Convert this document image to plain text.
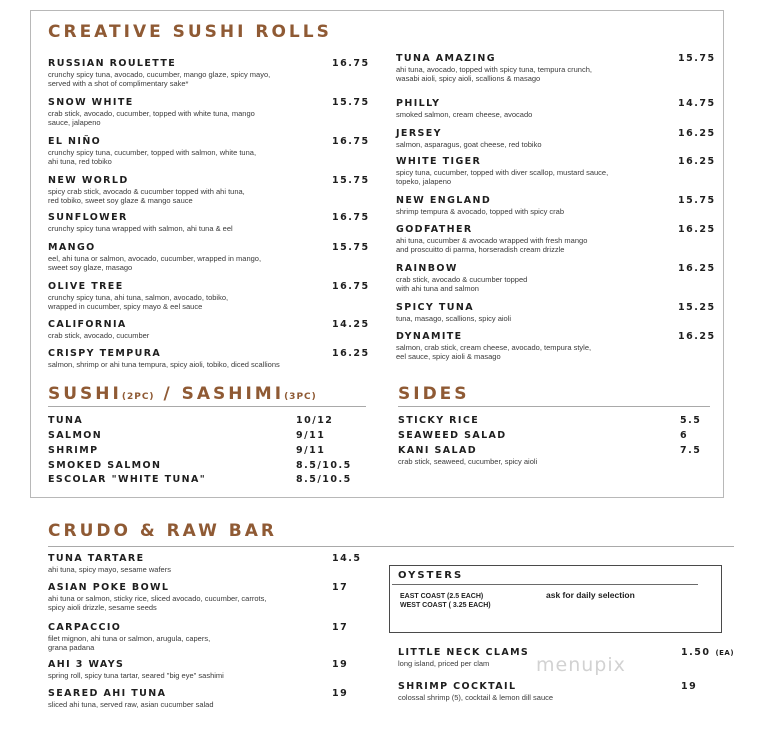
CREATIVE SUSHI ROLLS
SUSHI(2PC) / SASHIMI(3PC)	SIDES
CRUDO & RAW BAR
RUSSIAN ROULETTE	16.75
crunchy spicy tuna, avocado, cucumber, mango glaze, spicy mayo,
served with a shot of complimentary sake*
SNOW WHITE	15.75
crab stick, avocado, cucumber, topped with white tuna, mango
sauce, jalapeno
EL NIÑO	16.75
crunchy spicy tuna, cucumber, topped with salmon, white tuna,
ahi tuna, red tobiko
NEW WORLD	15.75
spicy crab stick, avocado & cucumber topped with ahi tuna,
red tobiko, sweet soy glaze & mango sauce
SUNFLOWER	16.75
crunchy spicy tuna wrapped with salmon, ahi tuna & eel
MANGO	15.75
eel, ahi tuna or salmon, avocado, cucumber, wrapped in mango,
sweet soy glaze, masago
OLIVE TREE	16.75
crunchy spicy tuna, ahi tuna, salmon, avocado, tobiko,
wrapped in cucumber, spicy mayo & eel sauce
CALIFORNIA	14.25
crab stick, avocado, cucumber
CRISPY TEMPURA	16.25
salmon, shrimp or ahi tuna tempura, spicy aioli, tobiko, diced scallions
TUNA AMAZING	15.75
ahi tuna, avocado, topped with spicy tuna, tempura crunch,
wasabi aioli, spicy aioli, scallions & masago
PHILLY	14.75
smoked salmon, cream cheese, avocado
JERSEY	16.25
salmon, asparagus, goat cheese, red tobiko
WHITE TIGER	16.25
spicy tuna, cucumber, topped with diver scallop, mustard sauce,
topeko, jalapeno
NEW ENGLAND	15.75
shrimp tempura & avocado, topped with spicy crab
GODFATHER	16.25
ahi tuna, cucumber & avocado wrapped with fresh mango
and proscuitto di parma, horseradish cream drizzle
RAINBOW	16.25
crab stick, avocado & cucumber topped
with ahi tuna and salmon
SPICY TUNA	15.25
tuna, masago, scallions, spicy aioli
DYNAMITE	16.25
salmon, crab stick, cream cheese, avocado, tempura style,
eel sauce, spicy aioli & masago
TUNA	10/12
SALMON	9/11
SHRIMP	9/11
SMOKED SALMON	8.5/10.5
ESCOLAR "WHITE TUNA"	8.5/10.5
STICKY RICE	5.5
SEAWEED SALAD	6
KANI SALAD	7.5
crab stick, seaweed, cucumber, spicy aioli
TUNA TARTARE	14.5
ahi tuna, spicy mayo, sesame wafers
ASIAN POKE BOWL	17
ahi tuna or salmon, sticky rice, sliced avocado, cucumber, carrots,
spicy aioli drizzle, sesame seeds
CARPACCIO	17
filet mignon, ahi tuna or salmon, arugula, capers,
grana padana
AHI 3 WAYS	19
spring roll, spicy tuna tartar, seared "big eye" sashimi
SEARED AHI TUNA	19
sliced ahi tuna, served raw, asian cucumber salad
LITTLE NECK CLAMS	1.50 (EA)
long island, priced per clam
SHRIMP COCKTAIL	19
colossal shrimp (5), cocktail & lemon dill sauce
OYSTERS
EAST COAST (2.5 EACH)
WEST COAST ( 3.25 EACH)
ask for daily selection
menupix
